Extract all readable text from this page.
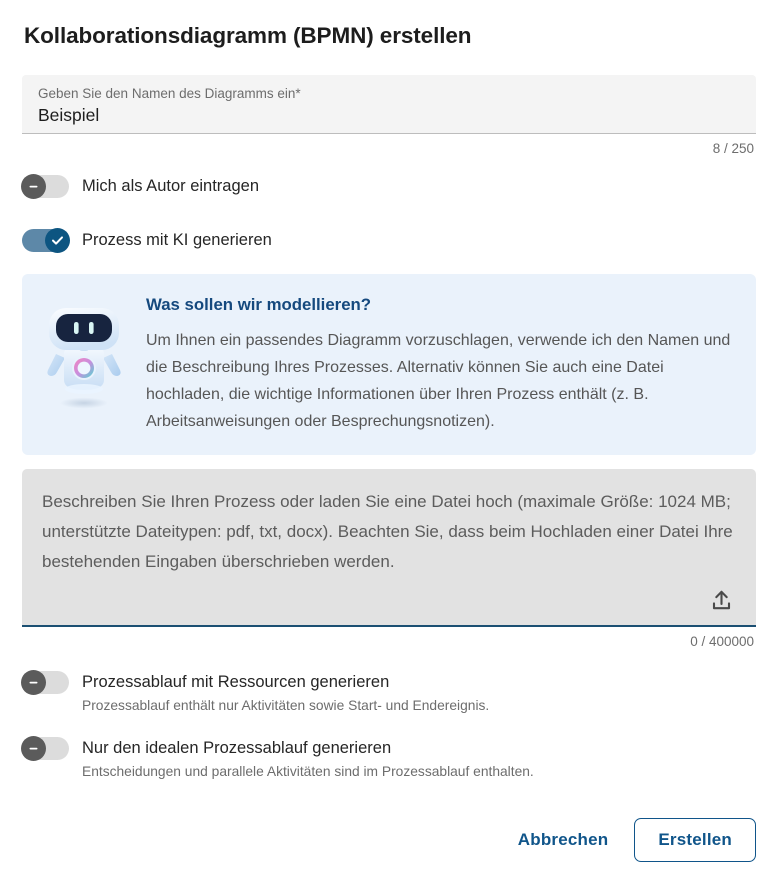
Kollaborationsdiagramm (BPMN) erstellen
Geben Sie den Namen des Diagramms ein*
Beispiel
8 / 250
Mich als Autor eintragen
Prozess mit KI generieren
Was sollen wir modellieren?
Um Ihnen ein passendes Diagramm vorzuschlagen, verwende ich den Namen und die Beschreibung Ihres Prozesses. Alternativ können Sie auch eine Datei hochladen, die wichtige Informationen über Ihren Prozess enthält (z. B. Arbeitsanweisungen oder Besprechungsnotizen).
Beschreiben Sie Ihren Prozess oder laden Sie eine Datei hoch (maximale Größe: 1024 MB; unterstützte Dateitypen: pdf, txt, docx). Beachten Sie, dass beim Hochladen einer Datei Ihre bestehenden Eingaben überschrieben werden.
0 / 400000
Prozessablauf mit Ressourcen generieren
Prozessablauf enthält nur Aktivitäten sowie Start- und Endereignis.
Nur den idealen Prozessablauf generieren
Entscheidungen und parallele Aktivitäten sind im Prozessablauf enthalten.
Abbrechen	Erstellen
